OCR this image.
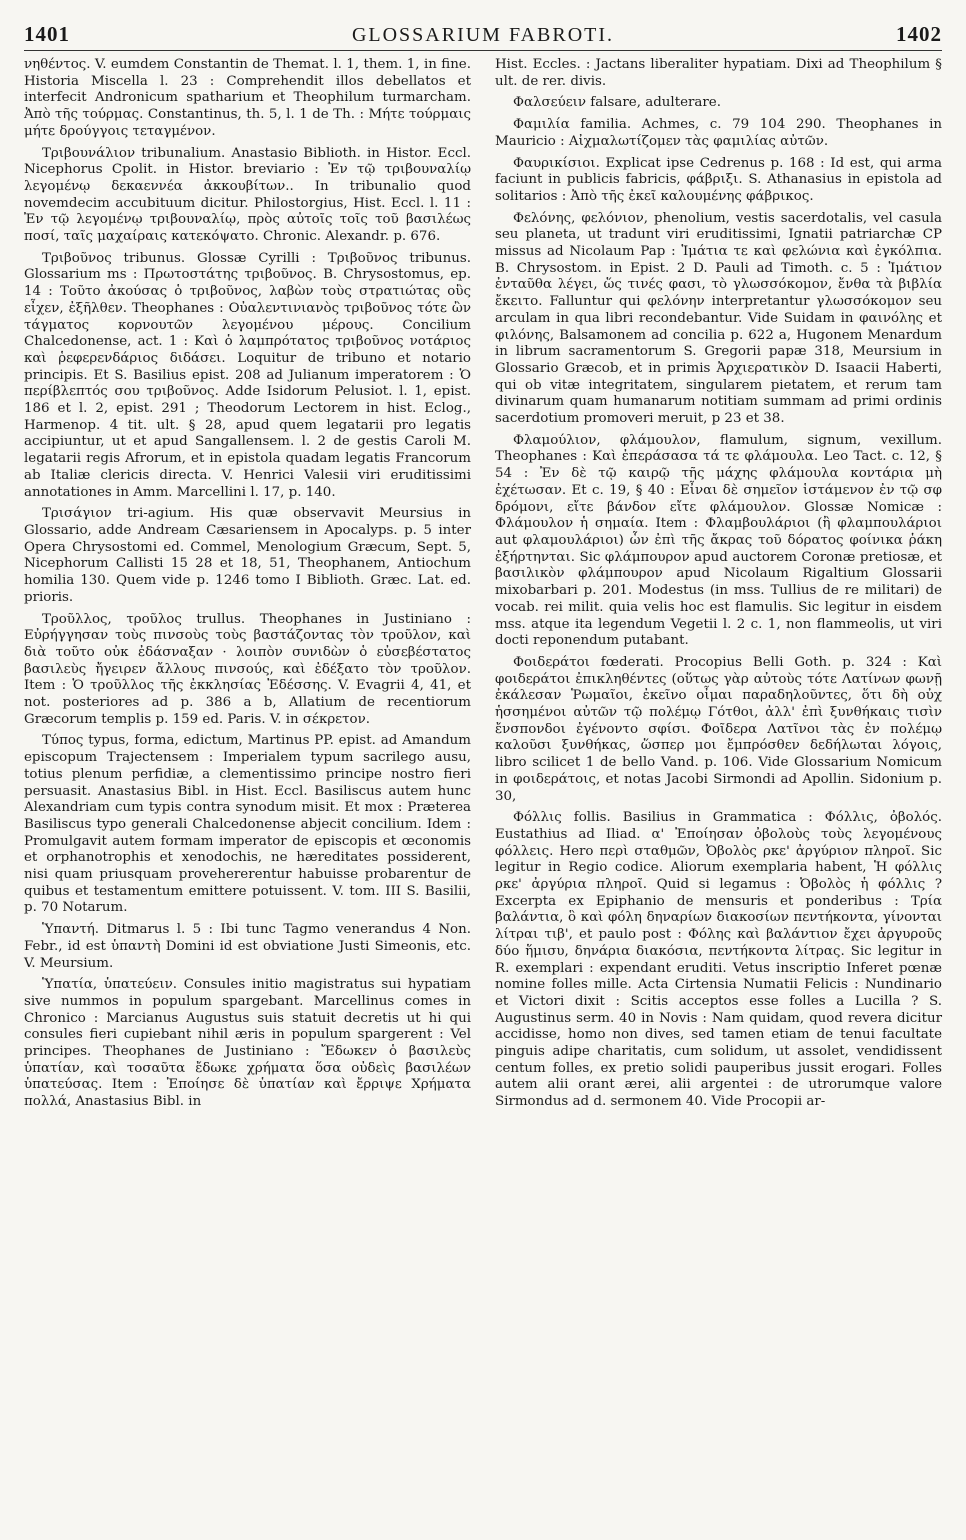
1401	GLOSSARIUM FABROTI.	1402

νηθέντος. V. eumdem Constantin de Themat. l. 1, them. 1, in fine. Historia Miscella l. 23 : Comprehendit illos debellatos et interfecit Andronicum spatharium et Theophilum turmarcham. Ἀπὸ τῆς τούρμας. Constantinus, th. 5, l. 1 de Th. : Μήτε τούρμαις μήτε δρούγγοις τεταγμένον.

Τριβουνάλιον tribunalium. Anastasio Biblioth. in Histor. Eccl. Nicephorus Cpolit. in Histor. breviario : Ἐν τῷ τριβουναλίῳ λεγομένῳ δεκαεννέα ἀκκουβίτων.. In tribunalio quod novemdecim accubituum dicitur. Philostorgius, Hist. Eccl. l. 11 : Ἐν τῷ λεγομένῳ τριβουναλίῳ, πρὸς αὐτοῖς τοῖς τοῦ βασιλέως ποσί, ταῖς μαχαίραις κατεκόψατο. Chronic. Alexandr. p. 676.

Τριβοῦνος tribunus. Glossæ Cyrilli : Τριβοῦνος tribunus. Glossarium ms : Πρωτοστάτης τριβοῦνος. B. Chrysostomus, ep. 14 : Τοῦτο ἀκούσας ὁ τριβοῦνος, λαβὼν τοὺς στρατιώτας οὓς εἶχεν, ἐξῆλθεν. Theophanes : Οὐαλεντινιανὸς τριβοῦνος τότε ὢν τάγματος κορνουτῶν λεγομένου μέρους. Concilium Chalcedonense, act. 1 : Καὶ ὁ λαμπρότατος τριβοῦνος νοτάριος καὶ ῥεφερενδάριος διδάσει. Loquitur de tribuno et notario principis. Et S. Basilius epist. 208 ad Julianum imperatorem : Ὁ περίβλεπτός σου τριβοῦνος. Adde Isidorum Pelusiot. l. 1, epist. 186 et l. 2, epist. 291 ; Theodorum Lectorem in hist. Eclog., Harmenop. 4 tit. ult. § 28, apud quem legatarii pro legatis accipiuntur, ut et apud Sangallensem. l. 2 de gestis Caroli M. legatarii regis Afrorum, et in epistola quadam legatis Francorum ab Italiæ clericis directa. V. Henrici Valesii viri eruditissimi annotationes in Amm. Marcellini l. 17, p. 140.

Τρισάγιον tri-agium. His quæ observavit Meursius in Glossario, adde Andream Cæsariensem in Apocalyps. p. 5 inter Opera Chrysostomi ed. Commel, Menologium Græcum, Sept. 5, Nicephorum Callisti 15 28 et 18, 51, Theophanem, Antiochum homilia 130. Quem vide p. 1246 tomo I Biblioth. Græc. Lat. ed. prioris.

Τροῦλλος, τροῦλος trullus. Theophanes in Justiniano : Εὐρήγγησαν τοὺς πινσοὺς τοὺς βαστάζοντας τὸν τροῦλον, καὶ διὰ τοῦτο οὐκ ἐδάσναξαν · λοιπὸν συνιδὼν ὁ εὐσεβέστατος βασιλεὺς ἤγειρεν ἄλλους πινσούς, καὶ ἐδέξατο τὸν τροῦλον. Item : Ὁ τροῦλλος τῆς ἐκκλησίας Ἐδέσσης. V. Evagrii 4, 41, et not. posteriores ad p. 386 a b, Allatium de recentiorum Græcorum templis p. 159 ed. Paris. V. in σέκρετον.

Τύπος typus, forma, edictum, Martinus PP. epist. ad Amandum episcopum Trajectensem : Imperialem typum sacrilego ausu, totius plenum perfidiæ, a clementissimo principe nostro fieri persuasit. Anastasius Bibl. in Hist. Eccl. Basiliscus autem hunc Alexandriam cum typis contra synodum misit. Et mox : Præterea Basiliscus typo generali Chalcedonense abjecit concilium. Idem : Promulgavit autem formam imperator de episcopis et œconomis et orphanotrophis et xenodochis, ne hæreditates possiderent, nisi quam priusquam provehererentur habuisse probarentur de quibus et testamentum emittere potuissent. V. tom. III S. Basilii, p. 70 Notarum.

Ὑπαντή. Ditmarus l. 5 : Ibi tunc Tagmo venerandus 4 Non. Febr., id est ὑπαντὴ Domini id est obviatione Justi Simeonis, etc. V. Meursium.

Ὑπατία, ὑπατεύειν. Consules initio magistratus sui hypatiam sive nummos in populum spargebant. Marcellinus comes in Chronico : Marcianus Augustus suis statuit decretis ut hi qui consules fieri cupiebant nihil æris in populum spargerent : Vel principes. Theophanes de Justiniano : Ἔδωκεν ὁ βασιλεὺς ὑπατίαν, καὶ τοσαῦτα ἔδωκε χρήματα ὅσα οὐδεὶς βασιλέων ὑπατεύσας. Item : Ἐποίησε δὲ ὑπατίαν καὶ ἔρριψε Χρήματα πολλά, Anastasius Bibl. in

Hist. Eccles. : Jactans liberaliter hypatiam. Dixi ad Theophilum § ult. de rer. divis.

Φαλσεύειν falsare, adulterare.

Φαμιλία familia. Achmes, c. 79 104 290. Theophanes in Mauricio : Αἰχμαλωτίζομεν τὰς φαμιλίας αὐτῶν.

Φαυρικίσιοι. Explicat ipse Cedrenus p. 168 : Id est, qui arma faciunt in publicis fabricis, φάβριξι. S. Athanasius in epistola ad solitarios : Ἀπὸ τῆς ἐκεῖ καλουμένης φάβρικος.

Φελόνης, φελόνιον, phenolium, vestis sacerdotalis, vel casula seu planeta, ut tradunt viri eruditissimi, Ignatii patriarchæ CP missus ad Nicolaum Pap : Ἱμάτια τε καὶ φελώνια καὶ ἐγκόλπια. B. Chrysostom. in Epist. 2 D. Pauli ad Timoth. c. 5 : Ἱμάτιον ἐνταῦθα λέγει, ὥς τινές φασι, τὸ γλωσσόκομον, ἔνθα τὰ βιβλία ἔκειτο. Falluntur qui φελόνην interpretantur γλωσσόκομον seu arculam in qua libri recondebantur. Vide Suidam in φαινόλης et φιλόνης, Balsamonem ad concilia p. 622 a, Hugonem Menardum in librum sacramentorum S. Gregorii papæ 318, Meursium in Glossario Græcob, et in primis Ἀρχιερατικὸν D. Isaacii Haberti, qui ob vitæ integritatem, singularem pietatem, et rerum tam divinarum quam humanarum notitiam summam ad primi ordinis sacerdotium promoveri meruit, p 23 et 38.

Φλαμούλιον, φλάμουλον, flamulum, signum, vexillum. Theophanes : Καὶ ἐπεράσασα τά τε φλάμουλα. Leo Tact. c. 12, § 54 : Ἐν δὲ τῷ καιρῷ τῆς μάχης φλάμουλα κοντάρια μὴ ἐχέτωσαν. Et c. 19, § 40 : Εἶναι δὲ σημεῖον ἱστάμενον ἐν τῷ σφ δρόμονι, εἴτε βάνδον εἴτε φλάμουλον. Glossæ Nomicæ : Φλάμουλον ἡ σημαία. Item : Φλαμβουλάριοι (ἢ φλαμπουλάριοι aut φλαμουλάριοι) ὧν ἐπὶ τῆς ἄκρας τοῦ δόρατος φοίνικα ῥάκη ἐξήρτηνται. Sic φλάμπουρον apud auctorem Coronæ pretiosæ, et βασιλικὸν φλάμπουρον apud Nicolaum Rigaltium Glossarii mixobarbari p. 201. Modestus (in mss. Tullius de re militari) de vocab. rei milit. quia velis hoc est flamulis. Sic legitur in eisdem mss. atque ita legendum Vegetii l. 2 c. 1, non flammeolis, ut viri docti reponendum putabant.

Φοιδεράτοι fœderati. Procopius Belli Goth. p. 324 : Καὶ φοιδεράτοι ἐπικληθέντες (οὕτως γὰρ αὐτοὺς τότε Λατίνων φωνῇ ἐκάλεσαν Ῥωμαῖοι, ἐκεῖνο οἶμαι παραδηλοῦντες, ὅτι δὴ οὐχ ἡσσημένοι αὐτῶν τῷ πολέμῳ Γότθοι, ἀλλ' ἐπὶ ξυνθήκαις τισὶν ἔνσπονδοι ἐγένοντο σφίσι. Φοῖδερα Λατῖνοι τὰς ἐν πολέμῳ καλοῦσι ξυνθήκας, ὥσπερ μοι ἔμπρόσθεν δεδήλωται λόγοις, libro scilicet 1 de bello Vand. p. 106. Vide Glossarium Nomicum in φοιδεράτοις, et notas Jacobi Sirmondi ad Apollin. Sidonium p. 30,

Φόλλις follis. Basilius in Grammatica : Φόλλις, ὀβολός. Eustathius ad Iliad. α' Ἐποίησαν ὀβολοὺς τοὺς λεγομένους φόλλεις. Hero περὶ σταθμῶν, Ὀβολὸς ρκε' ἀργύριον πληροῖ. Sic legitur in Regio codice. Aliorum exemplaria habent, Ἡ φόλλις ρκε' ἀργύρια πληροῖ. Quid si legamus : Ὀβολὸς ἡ φόλλις ? Excerpta ex Epiphanio de mensuris et ponderibus : Τρία βαλάντια, ὃ καὶ φόλη δηναρίων διακοσίων πεντήκοντα, γίνονται λίτραι τιβ', et paulo post : Φόλης καὶ βαλάντιον ἔχει ἀργυροῦς δύο ἥμισυ, δηνάρια διακόσια, πεντήκοντα λίτρας. Sic legitur in R. exemplari : expendant eruditi. Vetus inscriptio Inferet pœnæ nomine folles mille. Acta Cirtensia Numatii Felicis : Nundinario et Victori dixit : Scitis acceptos esse folles a Lucilla ? S. Augustinus serm. 40 in Novis : Nam quidam, quod revera dicitur accidisse, homo non dives, sed tamen etiam de tenui facultate pinguis adipe charitatis, cum solidum, ut assolet, vendidissent centum folles, ex pretio solidi pauperibus jussit erogari. Folles autem alii orant ærei, alii argentei : de utrorumque valore Sirmondus ad d. sermonem 40. Vide Procopii ar-
